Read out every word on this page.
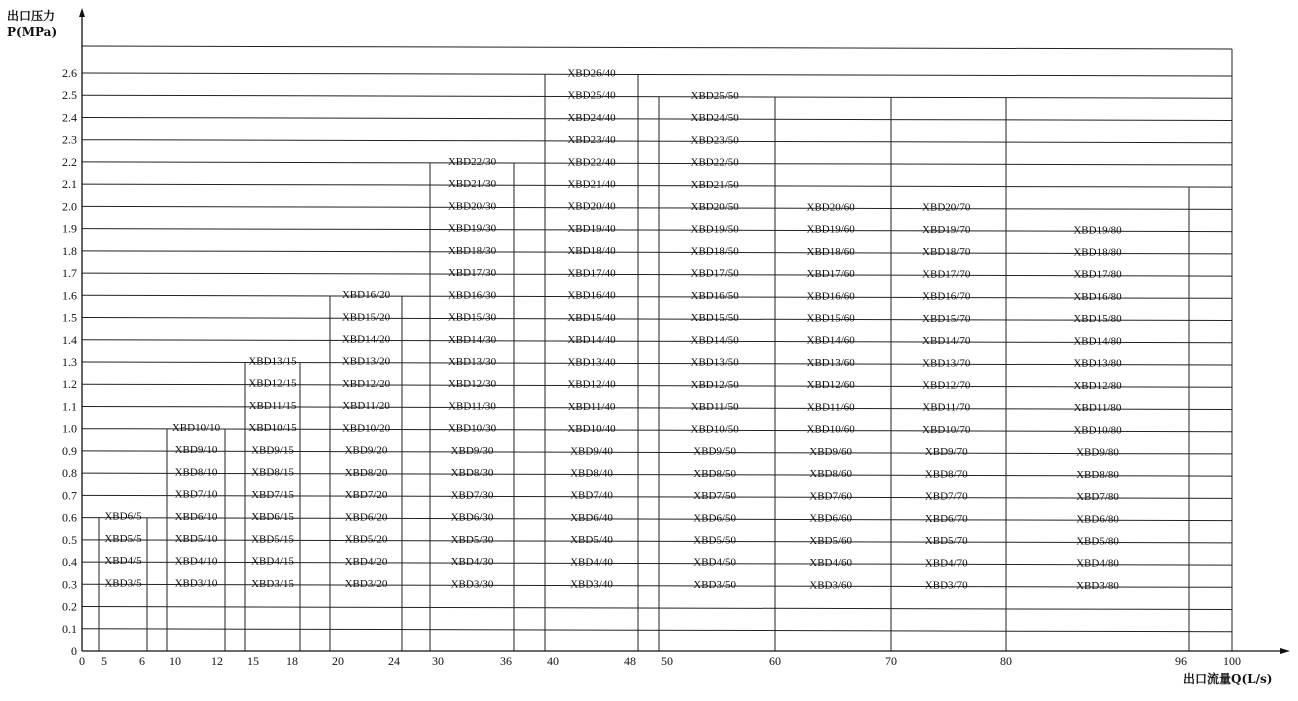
0
0.1
0.2
0.3
0.4
0.5
0.6
0.7
0.8
0.9
1.0
1.1
1.2
1.3
1.4
1.5
1.6
1.7
1.8
1.9
2.0
2.1
2.2
2.3
2.4
2.5
2.6
0 5	6 10	12 15 18	20	24	30	36	40	48 50	60	70	80	96	100
XBD3/5
XBD4/5
XBD5/5
XBD6/5
XBD3/10
XBD4/10
XBD5/10
XBD6/10
XBD7/10
XBD8/10
XBD9/10
XBD10/10
XBD3/15
XBD4/15
XBD5/15
XBD6/15
XBD7/15
XBD8/15
XBD9/15
XBD10/15
XBD11/15
XBD12/15
XBD13/15
XBD3/20
XBD4/20
XBD5/20
XBD6/20
XBD7/20
XBD8/20
XBD9/20
XBD10/20
XBD11/20
XBD12/20
XBD13/20
XBD14/20
XBD15/20
XBD16/20
XBD3/30
XBD4/30
XBD5/30
XBD6/30
XBD7/30
XBD8/30
XBD9/30
XBD10/30
XBD11/30
XBD12/30
XBD13/30
XBD14/30
XBD15/30
XBD16/30
XBD17/30
XBD18/30
XBD19/30
XBD20/30
XBD21/30
XBD22/30
XBD3/40
XBD4/40
XBD5/40
XBD6/40
XBD7/40
XBD8/40
XBD9/40
XBD10/40
XBD11/40
XBD12/40
XBD13/40
XBD14/40
XBD15/40
XBD16/40
XBD17/40
XBD18/40
XBD19/40
XBD20/40
XBD21/40
XBD22/40
XBD23/40
XBD24/40
XBD25/40
XBD26/40
XBD3/50
XBD4/50
XBD5/50
XBD6/50
XBD7/50
XBD8/50
XBD9/50
XBD10/50
XBD11/50
XBD12/50
XBD13/50
XBD14/50
XBD15/50
XBD16/50
XBD17/50
XBD18/50
XBD19/50
XBD20/50
XBD21/50
XBD22/50
XBD23/50
XBD24/50
XBD25/50
XBD3/60
XBD4/60
XBD5/60
XBD6/60
XBD7/60
XBD8/60
XBD9/60
XBD10/60
XBD11/60
XBD12/60
XBD13/60
XBD14/60
XBD15/60
XBD16/60
XBD17/60
XBD18/60
XBD19/60
XBD20/60
XBD3/70
XBD4/70
XBD5/70
XBD6/70
XBD7/70
XBD8/70
XBD9/70
XBD10/70
XBD11/70
XBD12/70
XBD13/70
XBD14/70
XBD15/70
XBD16/70
XBD17/70
XBD18/70
XBD19/70
XBD20/70
XBD3/80
XBD4/80
XBD5/80
XBD6/80
XBD7/80
XBD8/80
XBD9/80
XBD10/80
XBD11/80
XBD12/80
XBD13/80
XBD14/80
XBD15/80
XBD16/80
XBD17/80
XBD18/80
XBD19/80
出口压力
P(MPa)
出口流量Q(L/s)
